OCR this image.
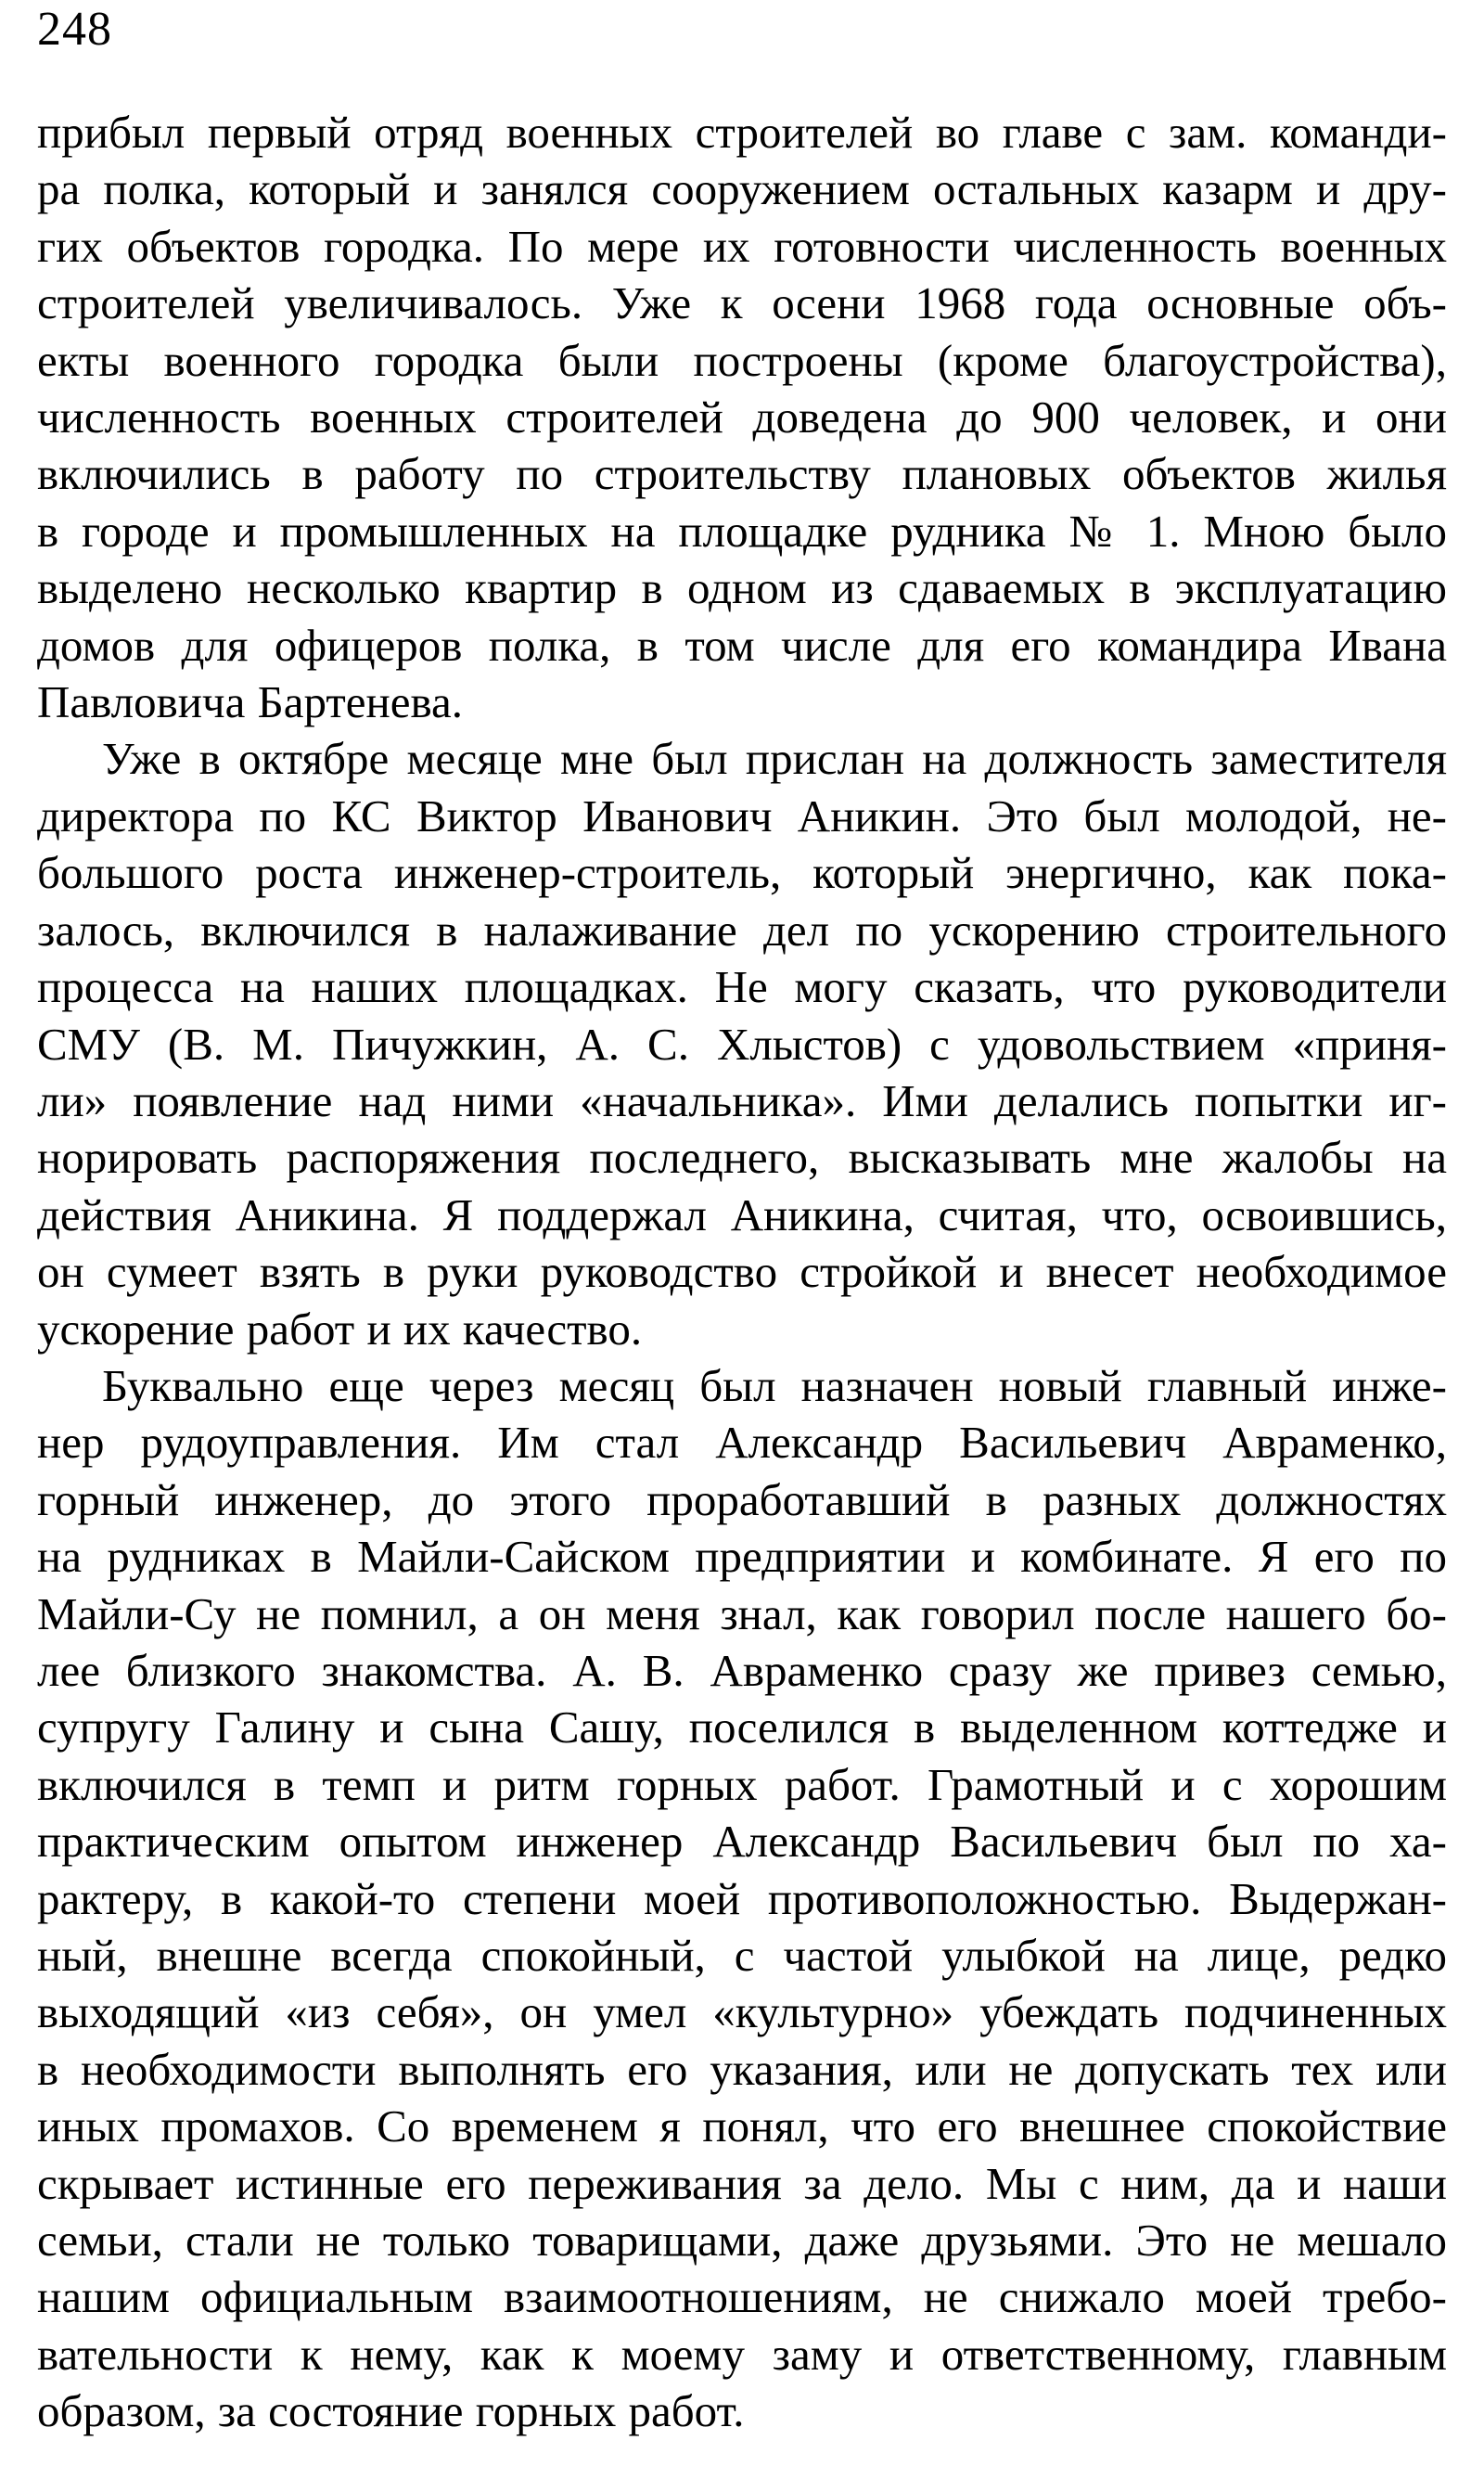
248
прибыл первый отряд военных строителей во главе с зам. команди-
ра полка, который и занялся сооружением остальных казарм и дру-
гих объектов городка. По мере их готовности численность военных
строителей увеличивалось. Уже к осени 1968 года основные объ-
екты военного городка были построены (кроме благоустройства),
численность военных строителей доведена до 900 человек, и они
включились в работу по строительству плановых объектов жилья
в городе и промышленных на площадке рудника № 1. Мною было
выделено несколько квартир в одном из сдаваемых в эксплуатацию
домов для офицеров полка, в том числе для его командира Ивана
Павловича Бартенева.
Уже в октябре месяце мне был прислан на должность заместителя
директора по КС Виктор Иванович Аникин. Это был молодой, не-
большого роста инженер-строитель, который энергично, как пока-
залось, включился в налаживание дел по ускорению строительного
процесса на наших площадках. Не могу сказать, что руководители
СМУ (В. М. Пичужкин, А. С. Хлыстов) с удовольствием «приня-
ли» появление над ними «начальника». Ими делались попытки иг-
норировать распоряжения последнего, высказывать мне жалобы на
действия Аникина. Я поддержал Аникина, считая, что, освоившись,
он сумеет взять в руки руководство стройкой и внесет необходимое
ускорение работ и их качество.
Буквально еще через месяц был назначен новый главный инже-
нер рудоуправления. Им стал Александр Васильевич Авраменко,
горный инженер, до этого проработавший в разных должностях
на рудниках в Майли-Сайском предприятии и комбинате. Я его по
Майли-Су не помнил, а он меня знал, как говорил после нашего бо-
лее близкого знакомства. А. В. Авраменко сразу же привез семью,
супругу Галину и сына Сашу, поселился в выделенном коттедже и
включился в темп и ритм горных работ. Грамотный и с хорошим
практическим опытом инженер Александр Васильевич был по ха-
рактеру, в какой-то степени моей противоположностью. Выдержан-
ный, внешне всегда спокойный, с частой улыбкой на лице, редко
выходящий «из себя», он умел «культурно» убеждать подчиненных
в необходимости выполнять его указания, или не допускать тех или
иных промахов. Со временем я понял, что его внешнее спокойствие
скрывает истинные его переживания за дело. Мы с ним, да и наши
семьи, стали не только товарищами, даже друзьями. Это не мешало
нашим официальным взаимоотношениям, не снижало моей требо-
вательности к нему, как к моему заму и ответственному, главным
образом, за состояние горных работ.
